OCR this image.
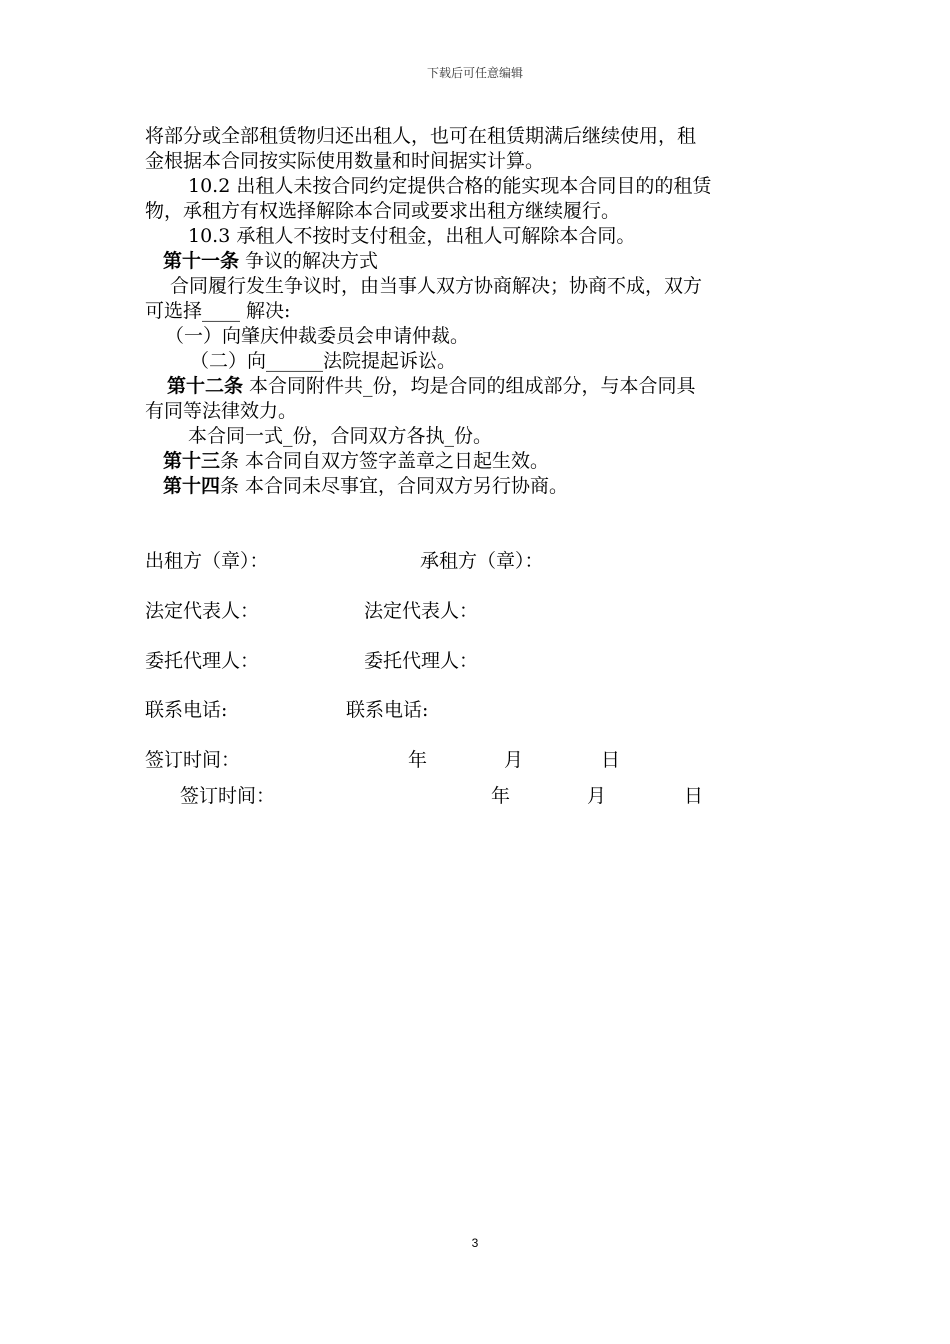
下载后可任意编辑
将部分或全部租赁物归还出租人，也可在租赁期满后继续使用，租
金根据本合同按实际使用数量和时间据实计算。
10.2 出租人未按合同约定提供合格的能实现本合同目的的租赁
物，承租方有权选择解除本合同或要求出租方继续履行。
10.3 承租人不按时支付租金，出租人可解除本合同。
第十一条 争议的解决方式
合同履行发生争议时，由当事人双方协商解决；协商不成，双方
可选择____ 解决:
（一）向肇庆仲裁委员会申请仲裁。
（二）向______法院提起诉讼。
第十二条 本合同附件共_份，均是合同的组成部分，与本合同具
有同等法律效力。
本合同一式_份，合同双方各执_份。
第十三条 本合同自双方签字盖章之日起生效。
第十四条 本合同未尽事宜，合同双方另行协商。
出租方（章）：	承租方（章）：
法定代表人：	法定代表人：
委托代理人：	委托代理人：
联系电话:	联系电话:
签订时间：	年	月	日
签订时间：	年	月	日
3
